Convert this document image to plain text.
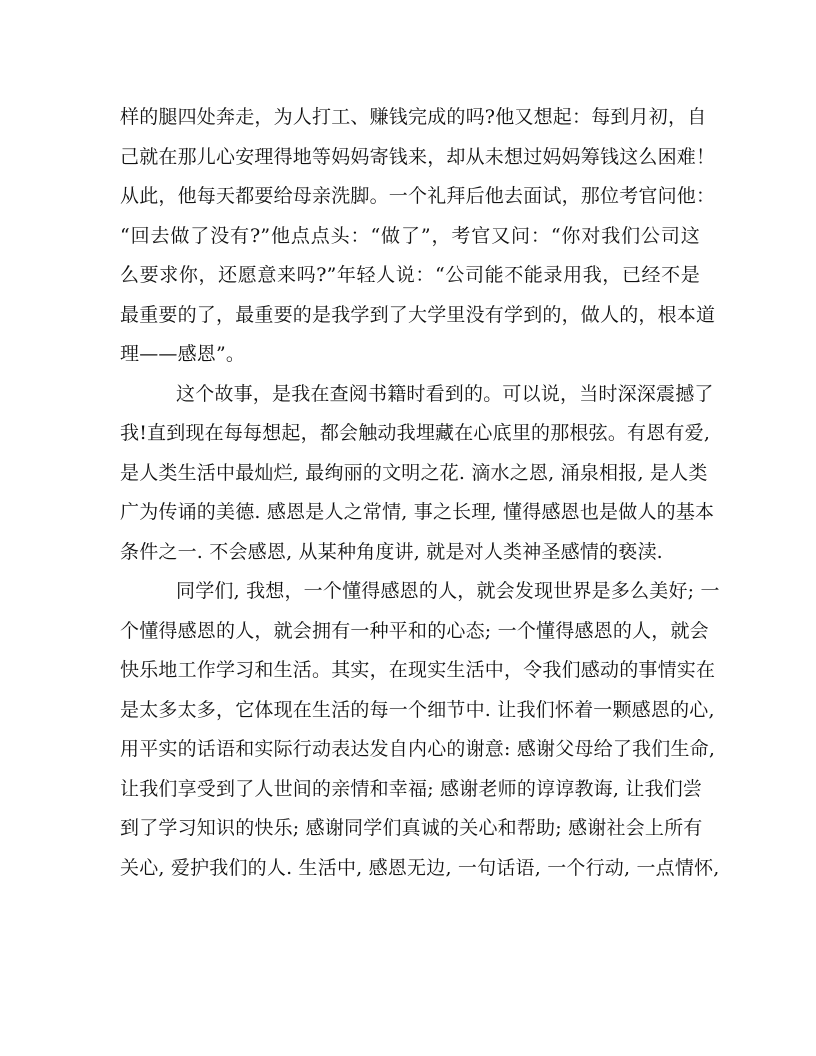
样的腿四处奔走，为人打工、赚钱完成的吗?他又想起：每到月初，自
己就在那儿心安理得地等妈妈寄钱来，却从未想过妈妈筹钱这么困难！
从此，他每天都要给母亲洗脚。一个礼拜后他去面试，那位考官问他：
“回去做了没有?”他点点头：“做了”，考官又问：“你对我们公司这
么要求你，还愿意来吗?”年轻人说：“公司能不能录用我，已经不是
最重要的了，最重要的是我学到了大学里没有学到的，做人的，根本道
理——感恩”。
这个故事，是我在查阅书籍时看到的。可以说，当时深深震撼了
我!直到现在每每想起，都会触动我埋藏在心底里的那根弦。有恩有爱,
是人类生活中最灿烂, 最绚丽的文明之花. 滴水之恩, 涌泉相报, 是人类
广为传诵的美德. 感恩是人之常情, 事之长理, 懂得感恩也是做人的基本
条件之一. 不会感恩, 从某种角度讲, 就是对人类神圣感情的亵渎.
同学们, 我想，一个懂得感恩的人，就会发现世界是多么美好; 一
个懂得感恩的人，就会拥有一种平和的心态; 一个懂得感恩的人，就会
快乐地工作学习和生活。其实，在现实生活中，令我们感动的事情实在
是太多太多，它体现在生活的每一个细节中. 让我们怀着一颗感恩的心,
用平实的话语和实际行动表达发自内心的谢意: 感谢父母给了我们生命,
让我们享受到了人世间的亲情和幸福; 感谢老师的谆谆教诲, 让我们尝
到了学习知识的快乐; 感谢同学们真诚的关心和帮助; 感谢社会上所有
关心, 爱护我们的人. 生活中, 感恩无边, 一句话语, 一个行动, 一点情怀,
